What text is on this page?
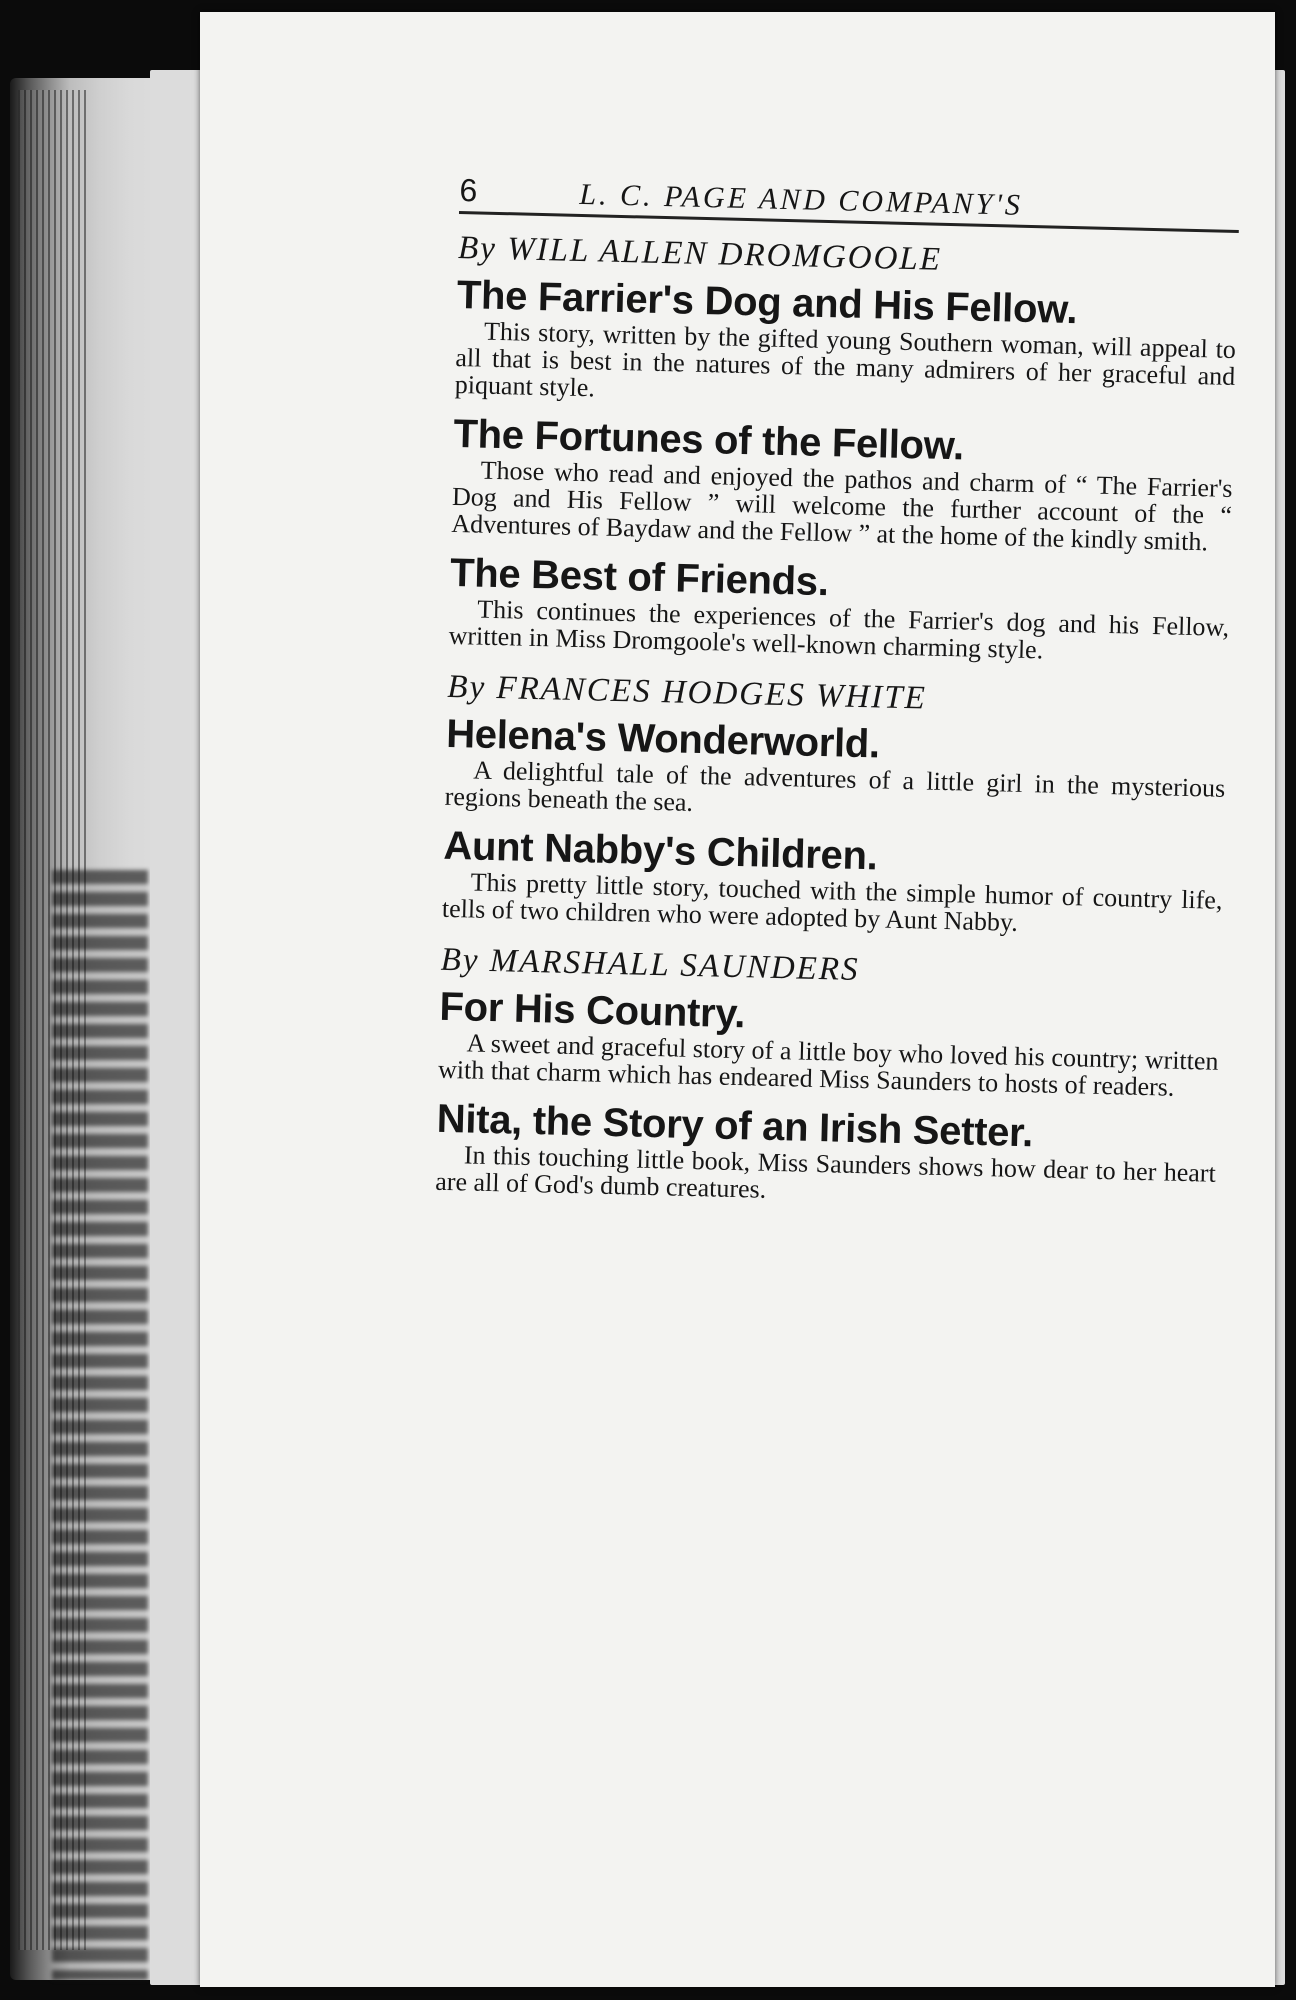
6	L. C. PAGE AND COMPANY'S
By WILL ALLEN DROMGOOLE
The Farrier's Dog and His Fellow.
This story, written by the gifted young Southern woman, will appeal to all that is best in the natures of the many admirers of her graceful and piquant style.
The Fortunes of the Fellow.
Those who read and enjoyed the pathos and charm of “ The Farrier's Dog and His Fellow ” will welcome the further account of the “ Adventures of Baydaw and the Fellow ” at the home of the kindly smith.
The Best of Friends.
This continues the experiences of the Farrier's dog and his Fellow, written in Miss Dromgoole's well-known charming style.
By FRANCES HODGES WHITE
Helena's Wonderworld.
A delightful tale of the adventures of a little girl in the mysterious regions beneath the sea.
Aunt Nabby's Children.
This pretty little story, touched with the simple humor of country life, tells of two children who were adopted by Aunt Nabby.
By MARSHALL SAUNDERS
For His Country.
A sweet and graceful story of a little boy who loved his country; written with that charm which has endeared Miss Saunders to hosts of readers.
Nita, the Story of an Irish Setter.
In this touching little book, Miss Saunders shows how dear to her heart are all of God's dumb creatures.
